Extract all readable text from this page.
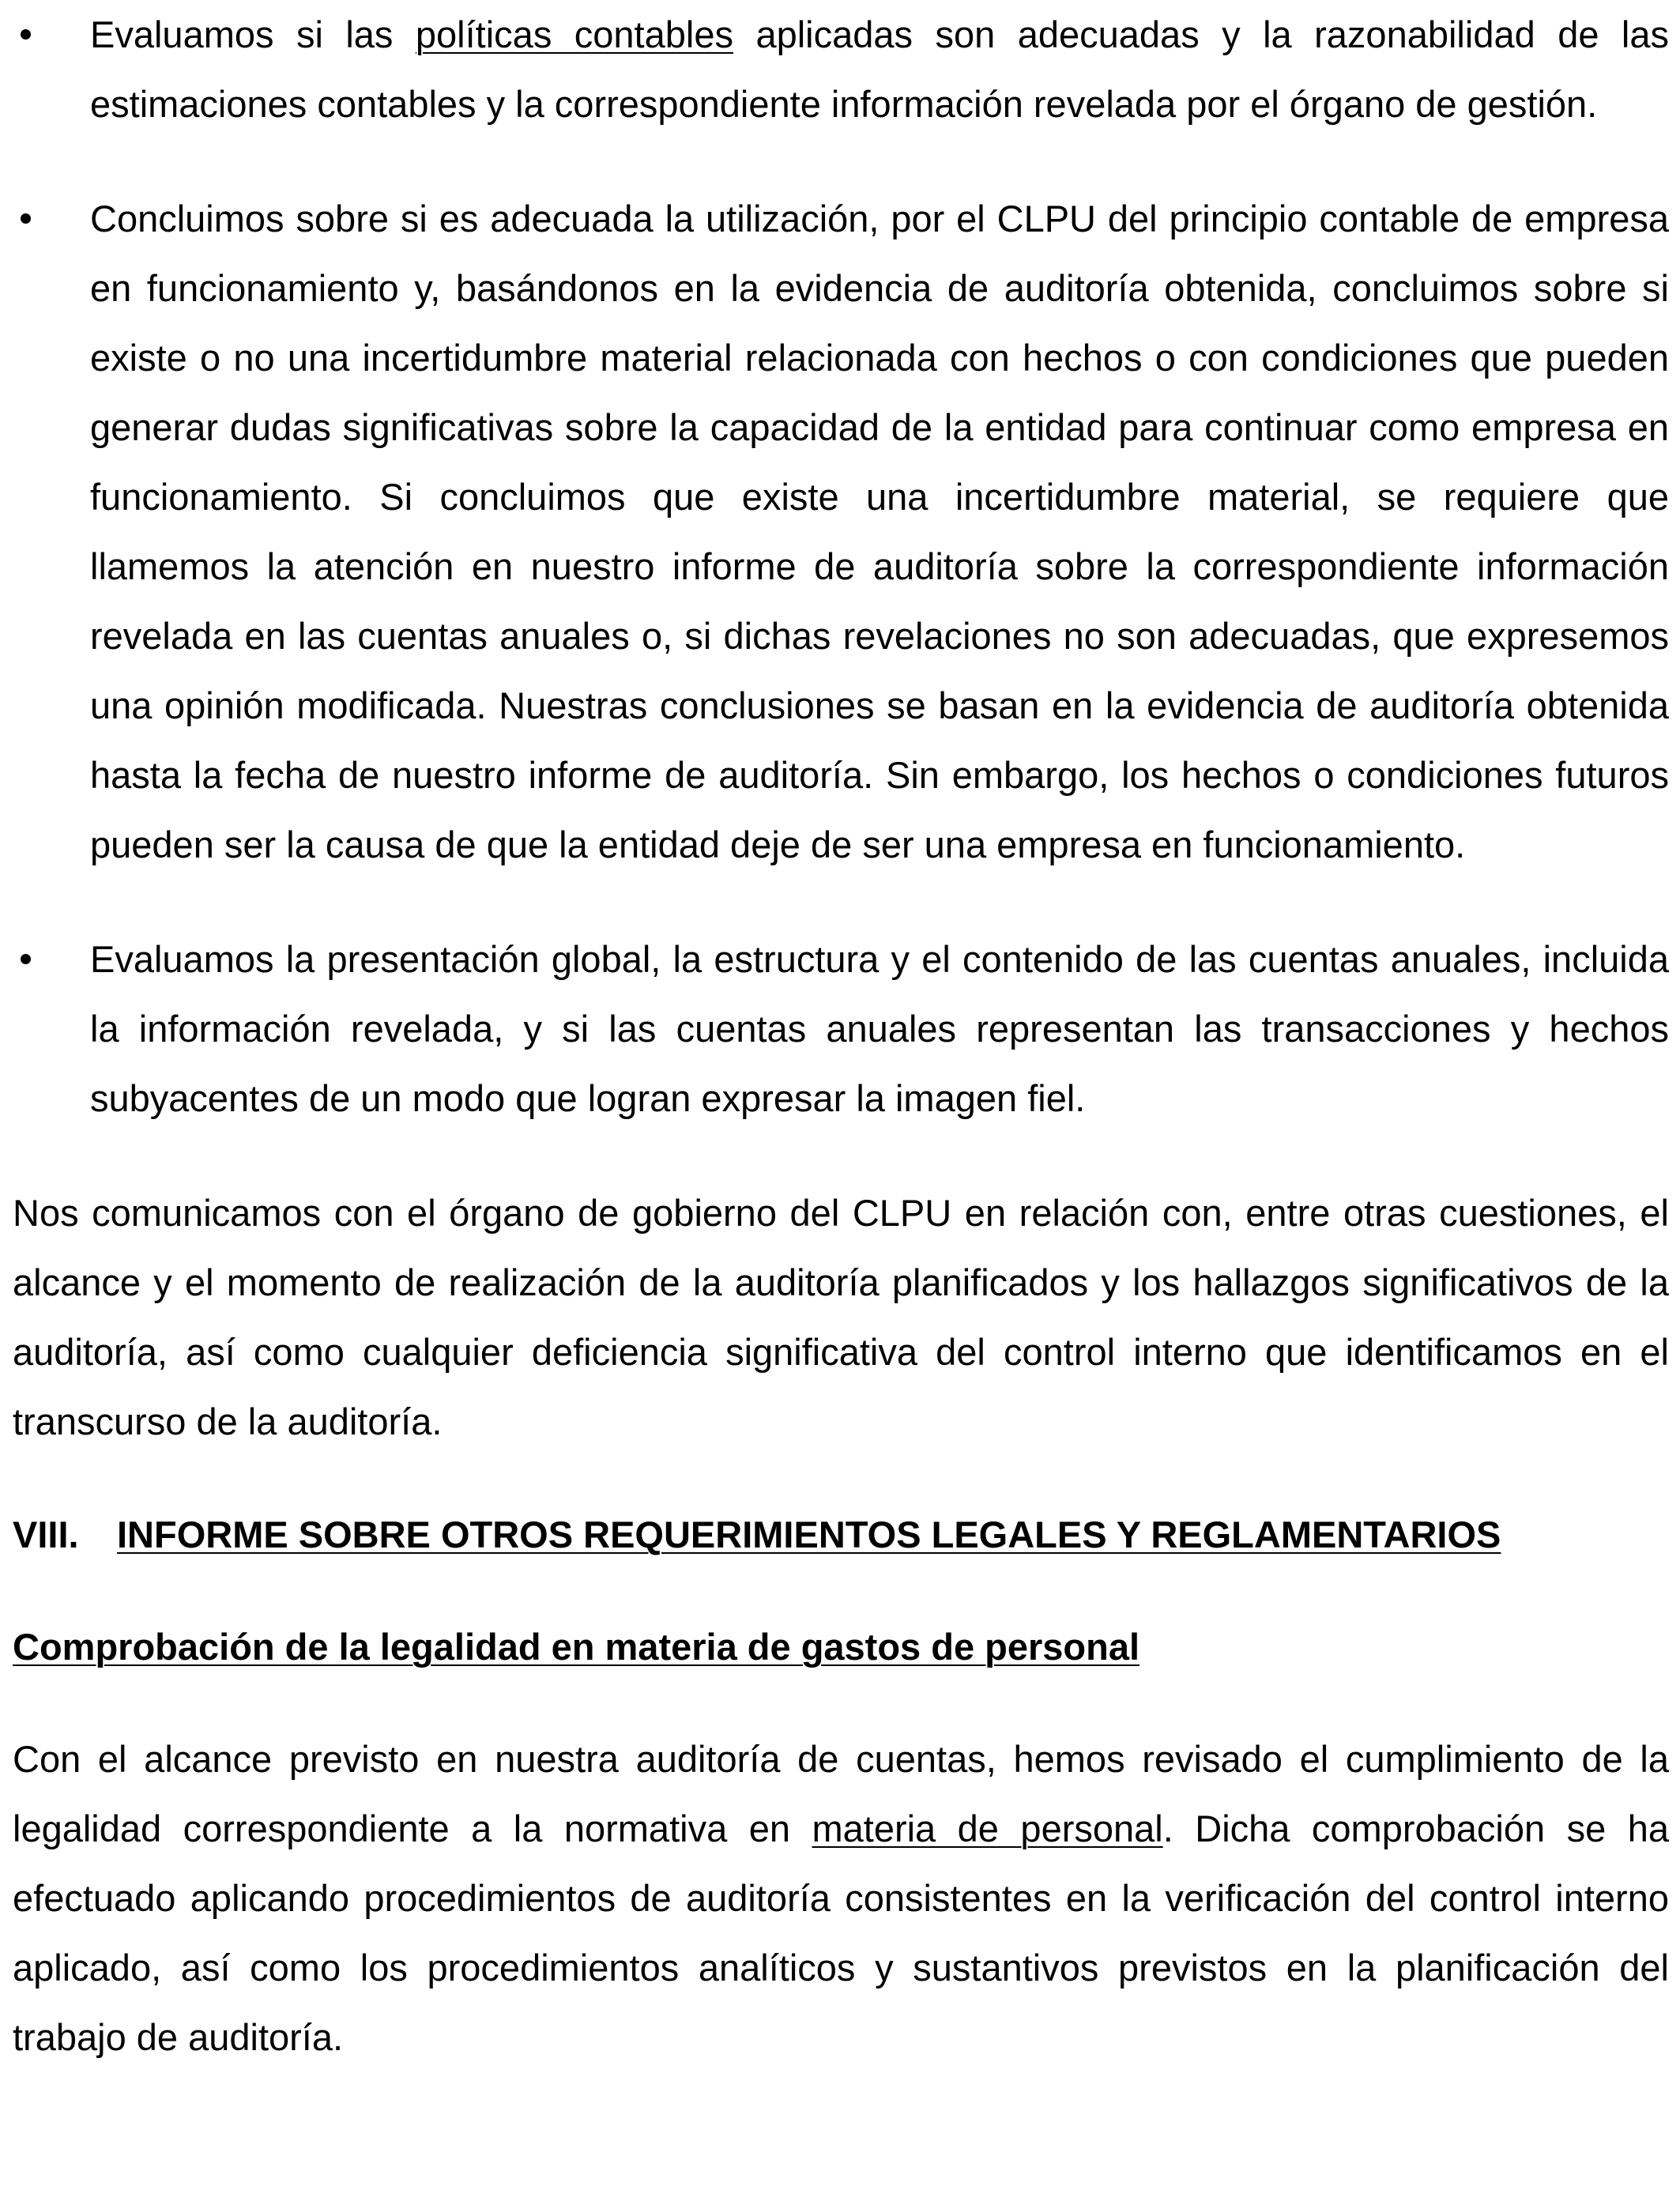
Evaluamos si las políticas contables aplicadas son adecuadas y la razonabilidad de las estimaciones contables y la correspondiente información revelada por el órgano de gestión.
Concluimos sobre si es adecuada la utilización, por el CLPU del principio contable de empresa en funcionamiento y, basándonos en la evidencia de auditoría obtenida, concluimos sobre si existe o no una incertidumbre material relacionada con hechos o con condiciones que pueden generar dudas significativas sobre la capacidad de la entidad para continuar como empresa en funcionamiento. Si concluimos que existe una incertidumbre material, se requiere que llamemos la atención en nuestro informe de auditoría sobre la correspondiente información revelada en las cuentas anuales o, si dichas revelaciones no son adecuadas, que expresemos una opinión modificada. Nuestras conclusiones se basan en la evidencia de auditoría obtenida hasta la fecha de nuestro informe de auditoría. Sin embargo, los hechos o condiciones futuros pueden ser la causa de que la entidad deje de ser una empresa en funcionamiento.
Evaluamos la presentación global, la estructura y el contenido de las cuentas anuales, incluida la información revelada, y si las cuentas anuales representan las transacciones y hechos subyacentes de un modo que logran expresar la imagen fiel.

Nos comunicamos con el órgano de gobierno del CLPU en relación con, entre otras cuestiones, el alcance y el momento de realización de la auditoría planificados y los hallazgos significativos de la auditoría, así como cualquier deficiencia significativa del control interno que identificamos en el transcurso de la auditoría.

VIII. INFORME SOBRE OTROS REQUERIMIENTOS LEGALES Y REGLAMENTARIOS
Comprobación de la legalidad en materia de gastos de personal

Con el alcance previsto en nuestra auditoría de cuentas, hemos revisado el cumplimiento de la legalidad correspondiente a la normativa en materia de personal. Dicha comprobación se ha efectuado aplicando procedimientos de auditoría consistentes en la verificación del control interno aplicado, así como los procedimientos analíticos y sustantivos previstos en la planificación del trabajo de auditoría.
